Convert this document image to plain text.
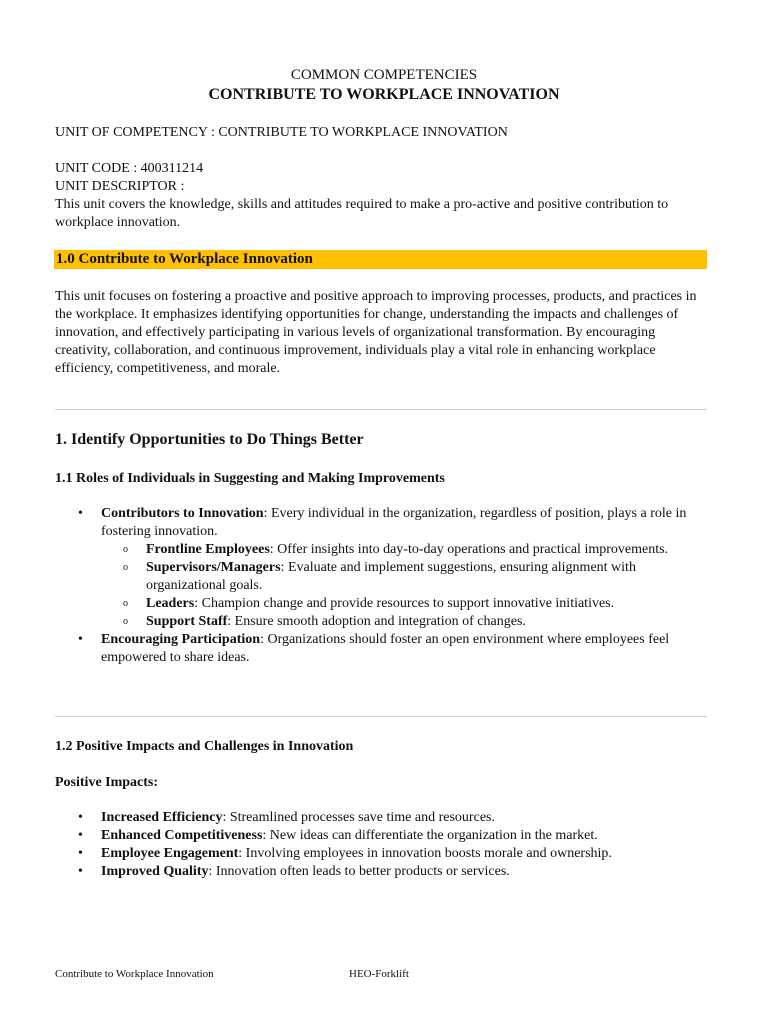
COMMON COMPETENCIES
CONTRIBUTE TO WORKPLACE INNOVATION
UNIT OF COMPETENCY : CONTRIBUTE TO WORKPLACE INNOVATION
UNIT CODE : 400311214
UNIT DESCRIPTOR :
This unit covers the knowledge, skills and attitudes required to make a pro-active and positive contribution to workplace innovation.
1.0 Contribute to Workplace Innovation
This unit focuses on fostering a proactive and positive approach to improving processes, products, and practices in the workplace. It emphasizes identifying opportunities for change, understanding the impacts and challenges of innovation, and effectively participating in various levels of organizational transformation. By encouraging creativity, collaboration, and continuous improvement, individuals play a vital role in enhancing workplace efficiency, competitiveness, and morale.
1. Identify Opportunities to Do Things Better
1.1 Roles of Individuals in Suggesting and Making Improvements
• Contributors to Innovation: Every individual in the organization, regardless of position, plays a role in fostering innovation.
o Frontline Employees: Offer insights into day-to-day operations and practical improvements.
o Supervisors/Managers: Evaluate and implement suggestions, ensuring alignment with organizational goals.
o Leaders: Champion change and provide resources to support innovative initiatives.
o Support Staff: Ensure smooth adoption and integration of changes.
• Encouraging Participation: Organizations should foster an open environment where employees feel empowered to share ideas.
1.2 Positive Impacts and Challenges in Innovation
Positive Impacts:
• Increased Efficiency: Streamlined processes save time and resources.
• Enhanced Competitiveness: New ideas can differentiate the organization in the market.
• Employee Engagement: Involving employees in innovation boosts morale and ownership.
• Improved Quality: Innovation often leads to better products or services.
Contribute to Workplace Innovation	HEO-Forklift
